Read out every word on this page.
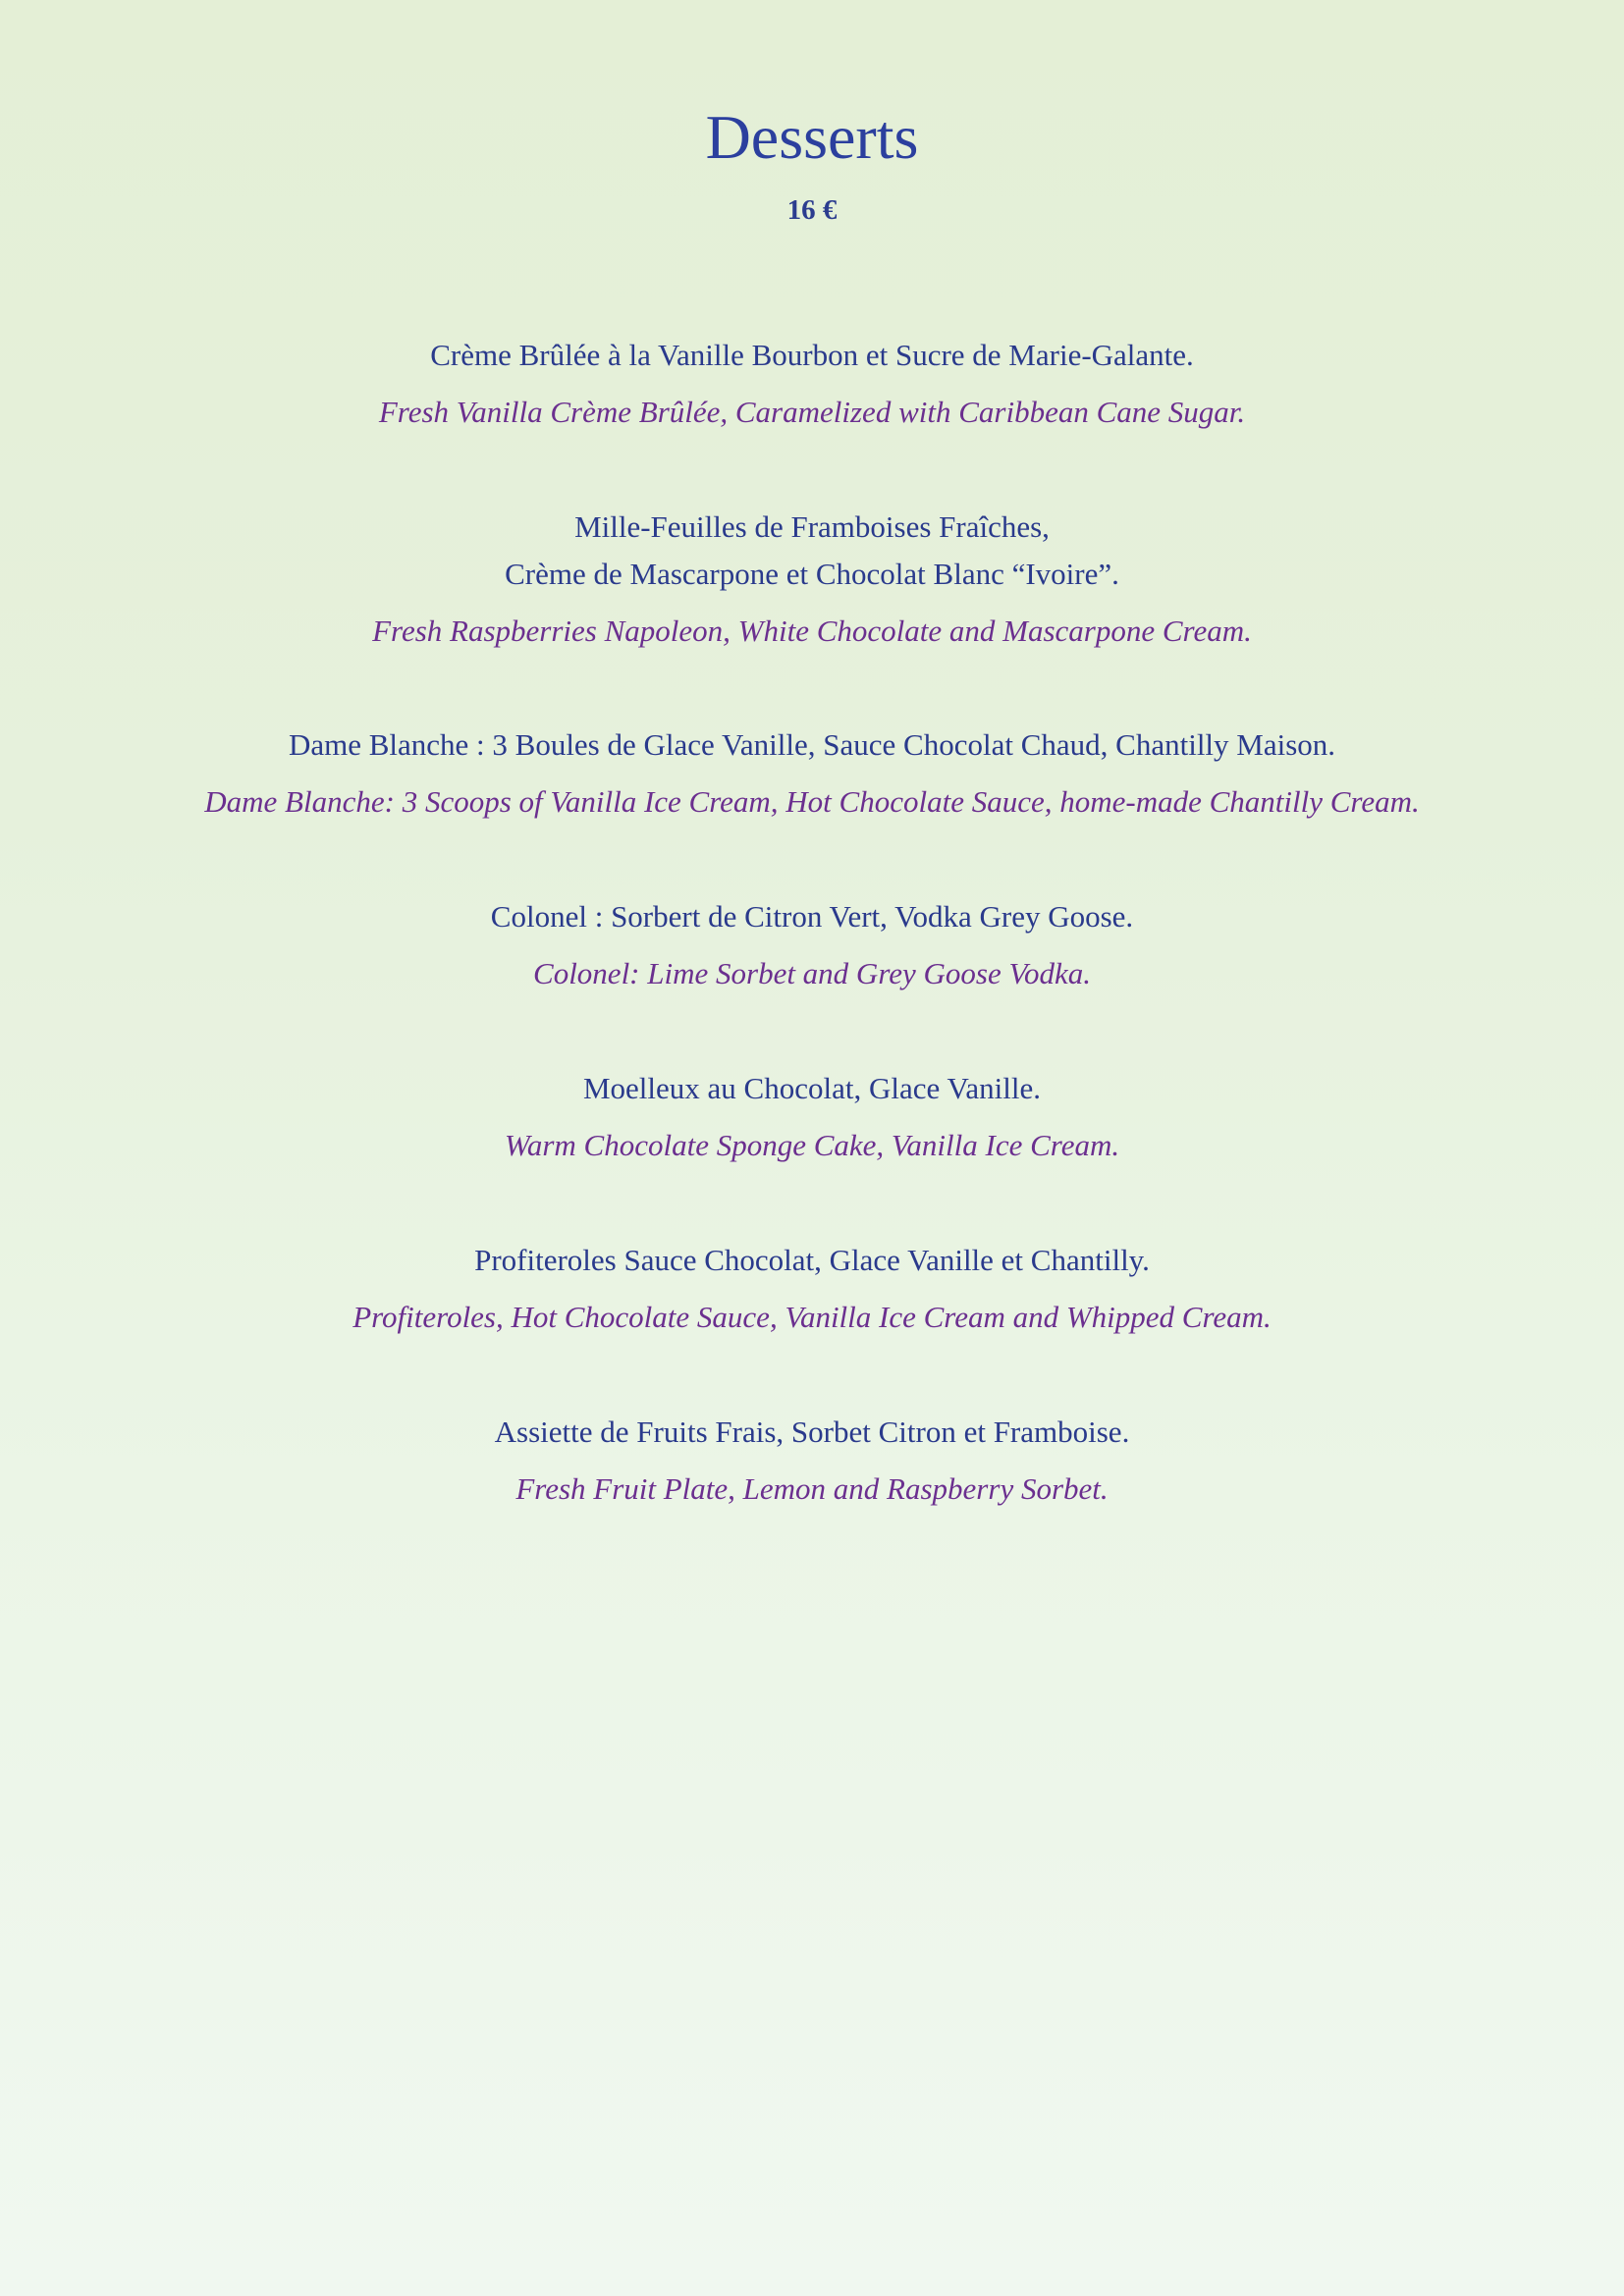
Desserts
16 €
Crème Brûlée à la Vanille Bourbon et Sucre de Marie-Galante.
Fresh Vanilla Crème Brûlée, Caramelized with Caribbean Cane Sugar.
Mille-Feuilles de Framboises Fraîches,
Crème de Mascarpone et Chocolat Blanc “Ivoire”.
Fresh Raspberries Napoleon, White Chocolate and Mascarpone Cream.
Dame Blanche : 3 Boules de Glace Vanille, Sauce Chocolat Chaud, Chantilly Maison.
Dame Blanche: 3 Scoops of Vanilla Ice Cream, Hot Chocolate Sauce, home-made Chantilly Cream.
Colonel : Sorbert de Citron Vert, Vodka Grey Goose.
Colonel: Lime Sorbet and Grey Goose Vodka.
Moelleux au Chocolat, Glace Vanille.
Warm Chocolate Sponge Cake, Vanilla Ice Cream.
Profiteroles Sauce Chocolat, Glace Vanille et Chantilly.
Profiteroles, Hot Chocolate Sauce, Vanilla Ice Cream and Whipped Cream.
Assiette de Fruits Frais, Sorbet Citron et Framboise.
Fresh Fruit Plate, Lemon and Raspberry Sorbet.
